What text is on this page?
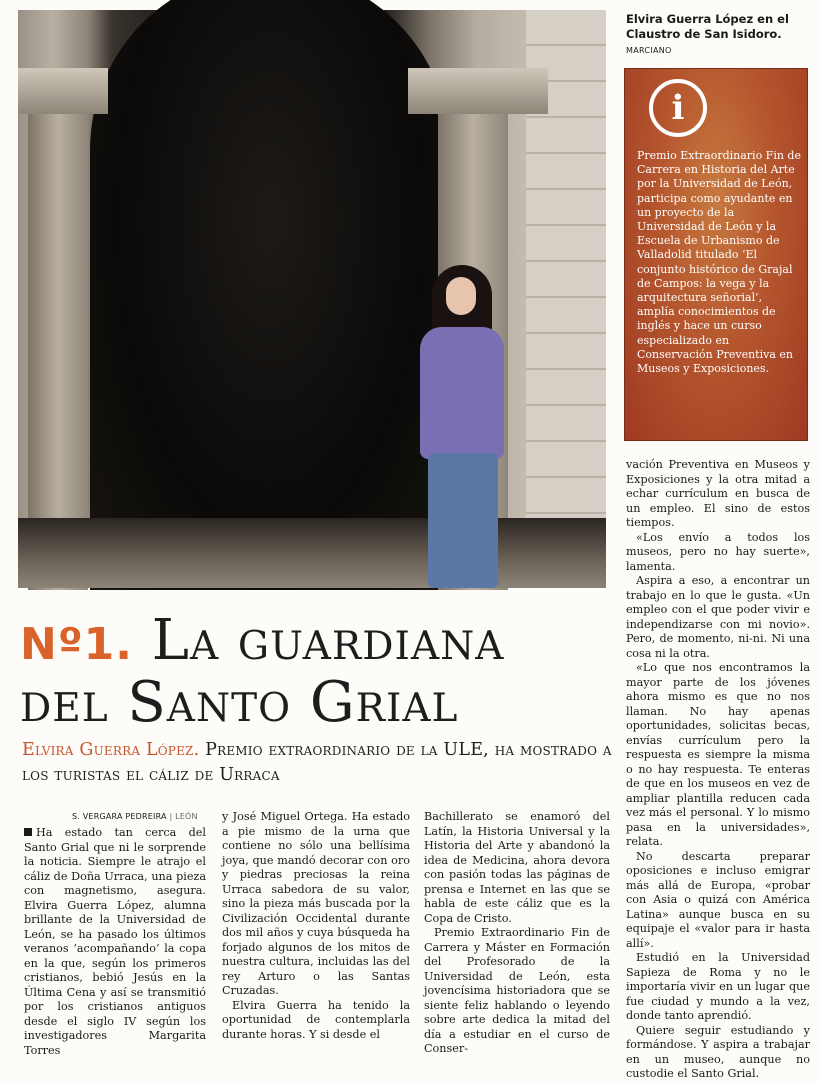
Elvira Guerra López en el Claustro de San Isidoro.
MARCIANO
i
Premio Extraordinario Fin de Carrera en Historia del Arte por la Universidad de León, participa como ayudante en un proyecto de la Universidad de León y la Escuela de Urbanismo de Valladolid titulado ‘El conjunto histórico de Grajal de Campos: la vega y la arquitectura señorial’, amplía conocimientos de inglés y hace un curso especializado en Conservación Preventiva en Museos y Exposiciones.
Nº1. La guardiana
del Santo Grial
Elvira Guerra López. Premio extraordinario de la ULE, ha mostrado a los turistas el cáliz de Urraca
S. VERGARA PEDREIRA | LEÓN

Ha estado tan cerca del Santo Grial que ni le sorprende la noticia. Siempre le atrajo el cáliz de Doña Urraca, una pieza con magnetismo, asegura. Elvira Guerra López, alumna brillante de la Universidad de León, se ha pasado los últimos veranos ‘acompañando’ la copa en la que, según los primeros cristianos, bebió Jesús en la Última Cena y así se transmitió por los cristianos antiguos desde el siglo IV según los investigadores Margarita Torres

y José Miguel Ortega. Ha estado a pie mismo de la urna que contiene no sólo una bellísima joya, que mandó decorar con oro y piedras preciosas la reina Urraca sabedora de su valor, sino la pieza más buscada por la Civilización Occidental durante dos mil años y cuya búsqueda ha forjado algunos de los mitos de nuestra cultura, incluidas las del rey Arturo o las Santas Cruzadas.

Elvira Guerra ha tenido la oportunidad de contemplarla durante horas. Y si desde el

Bachillerato se enamoró del Latín, la Historia Universal y la Historia del Arte y abandonó la idea de Medicina, ahora devora con pasión todas las páginas de prensa e Internet en las que se habla de este cáliz que es la Copa de Cristo.

Premio Extraordinario Fin de Carrera y Máster en Formación del Profesorado de la Universidad de León, esta jovencísima historiadora que se siente feliz hablando o leyendo sobre arte dedica la mitad del día a estudiar en el curso de Conser-

vación Preventiva en Museos y Exposiciones y la otra mitad a echar currículum en busca de un empleo. El sino de estos tiempos.

«Los envío a todos los museos, pero no hay suerte», lamenta.

Aspira a eso, a encontrar un trabajo en lo que le gusta. «Un empleo con el que poder vivir e independizarse con mi novio». Pero, de momento, ni-ni. Ni una cosa ni la otra.

«Lo que nos encontramos la mayor parte de los jóvenes ahora mismo es que no nos llaman. No hay apenas oportunidades, solicitas becas, envías currículum pero la respuesta es siempre la misma o no hay respuesta. Te enteras de que en los museos en vez de ampliar plantilla reducen cada vez más el personal. Y lo mismo pasa en la universidades», relata.

No descarta preparar oposiciones e incluso emigrar más allá de Europa, «probar con Asia o quizá con América Latina» aunque busca en su equipaje el «valor para ir hasta allí».

Estudió en la Universidad Sapieza de Roma y no le importaría vivir en un lugar que fue ciudad y mundo a la vez, donde tanto aprendió.

Quiere seguir estudiando y formándose. Y aspira a trabajar en un museo, aunque no custodie el Santo Grial.
